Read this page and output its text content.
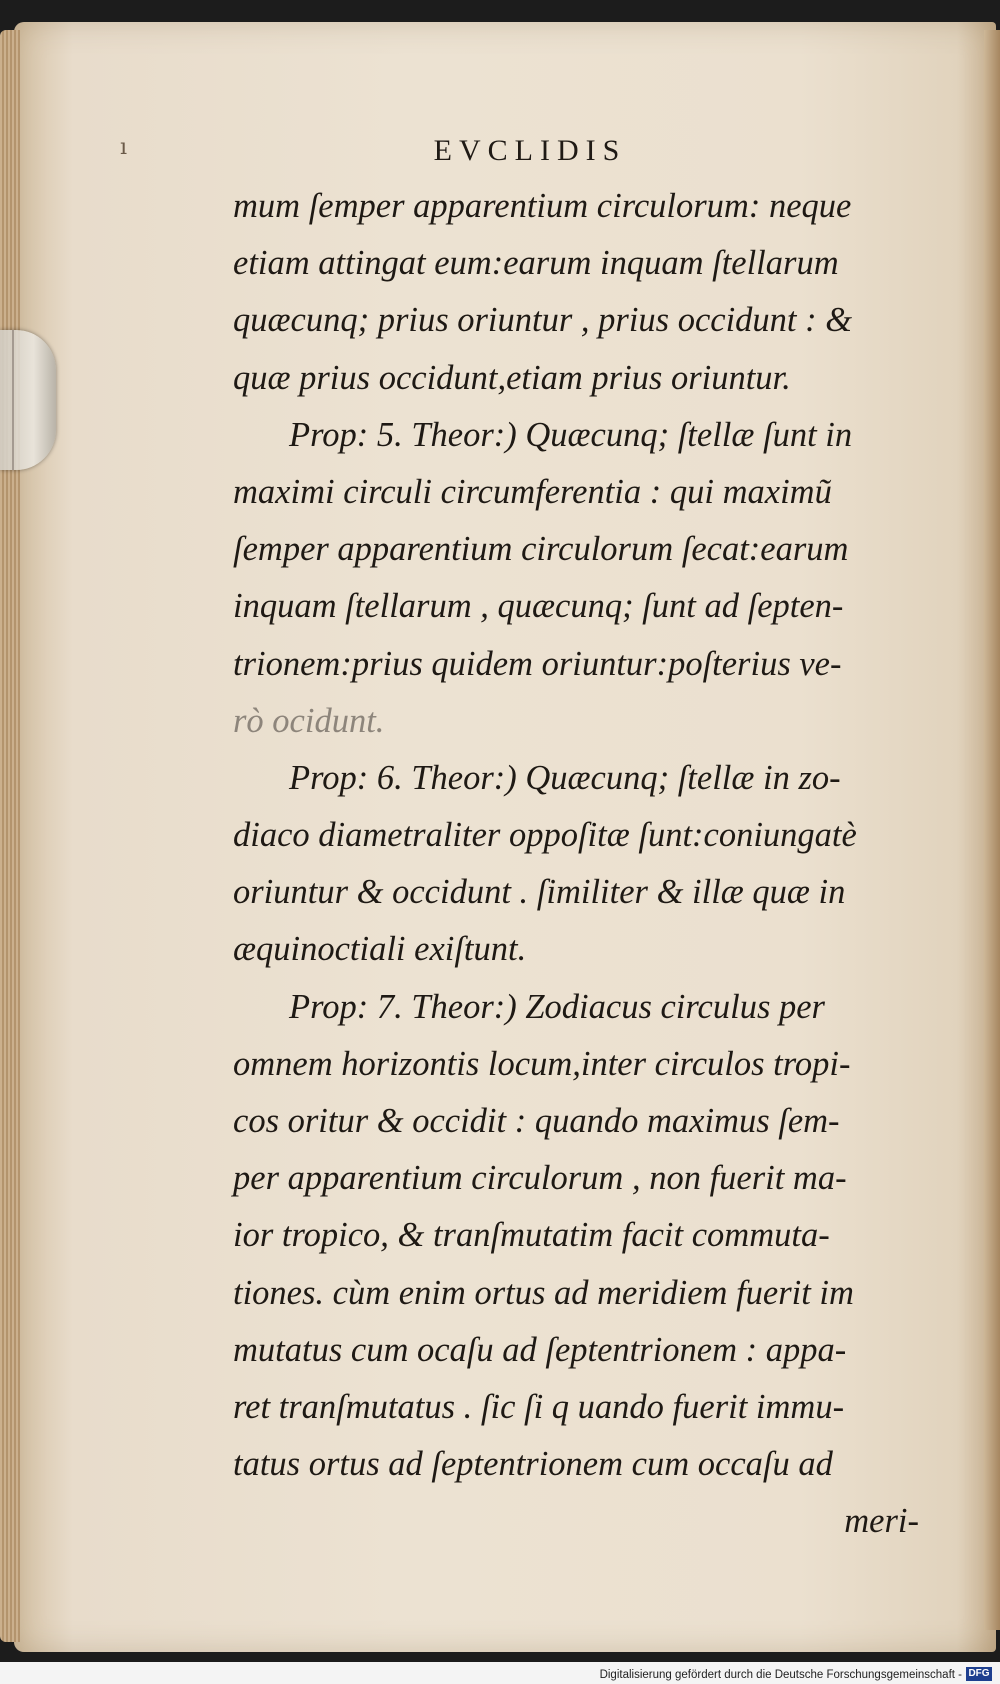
ı	EVCLIDIS
mum ſemper apparentium circulorum: neque
etiam attingat eum:earum inquam ſtellarum
quæcunq; prius oriuntur , prius occidunt : &
quæ prius occidunt,etiam prius oriuntur.
Prop: 5. Theor:) Quæcunq; ſtellæ ſunt in
maximi circuli circumferentia : qui maximũ
ſemper apparentium circulorum ſecat:earum
inquam ſtellarum , quæcunq; ſunt ad ſepten-
trionem:prius quidem oriuntur:poſterius ve-
rò ocidunt.
Prop: 6. Theor:) Quæcunq; ſtellæ in zo-
diaco diametraliter oppoſitæ ſunt:coniungatè
oriuntur & occidunt . ſimiliter & illæ quæ in
æquinoctiali exiſtunt.
Prop: 7. Theor:) Zodiacus circulus per
omnem horizontis locum,inter circulos tropi-
cos oritur & occidit : quando maximus ſem-
per apparentium circulorum , non fuerit ma-
ior tropico, & tranſmutatim facit commuta-
tiones. cùm enim ortus ad meridiem fuerit im
mutatus cum ocaſu ad ſeptentrionem : appa-
ret tranſmutatus . ſic ſi q uando fuerit immu-
tatus ortus ad ſeptentrionem cum occaſu ad
meri-
Digitalisierung gefördert durch die Deutsche Forschungsgemeinschaft - DFG
